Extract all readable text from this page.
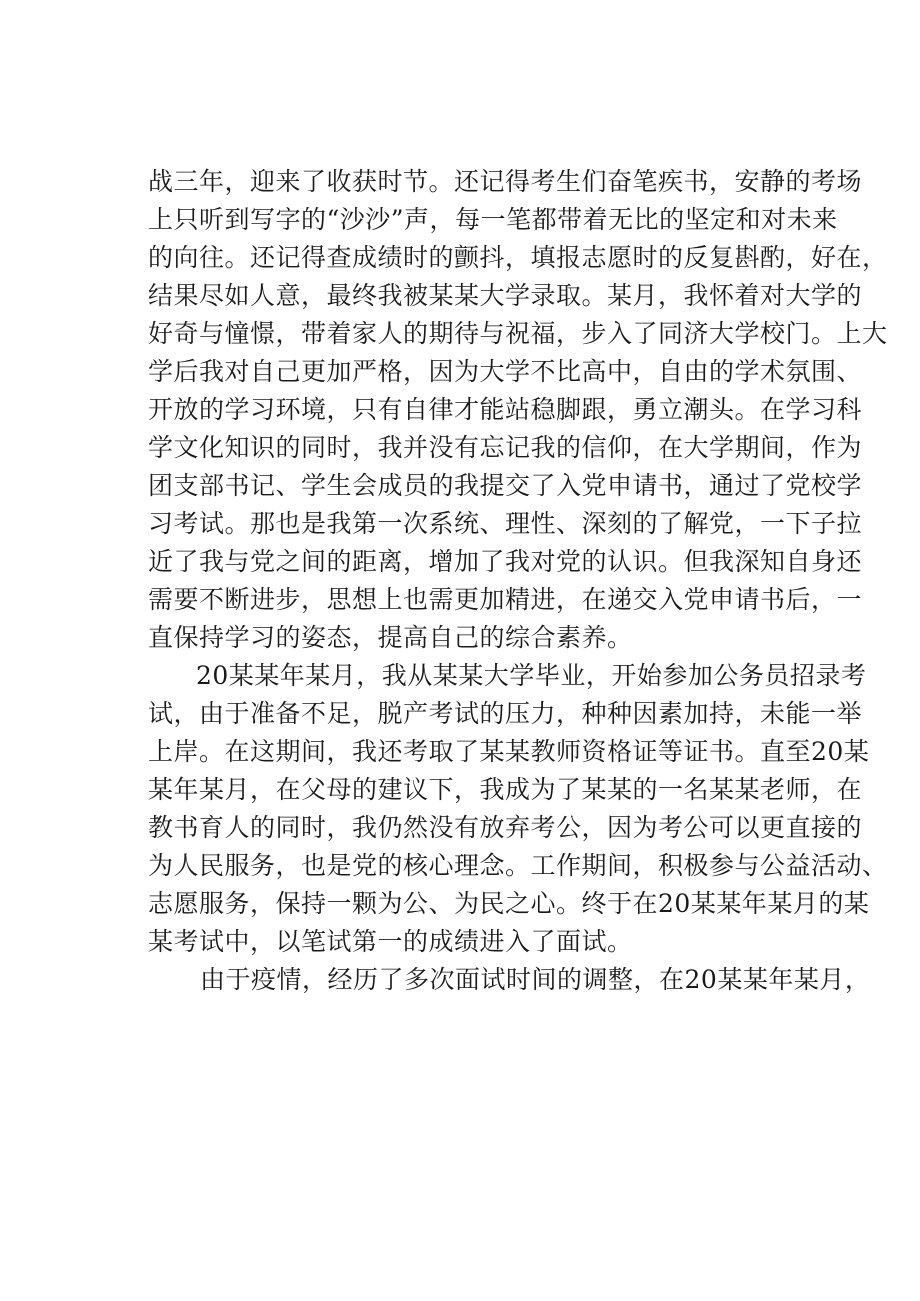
战三年，迎来了收获时节。还记得考生们奋笔疾书，安静的考场
上只听到写字的“沙沙”声，每一笔都带着无比的坚定和对未来
的向往。还记得查成绩时的颤抖，填报志愿时的反复斟酌，好在，
结果尽如人意，最终我被某某大学录取。某月，我怀着对大学的
好奇与憧憬，带着家人的期待与祝福，步入了同济大学校门。上大
学后我对自己更加严格，因为大学不比高中，自由的学术氛围、
开放的学习环境，只有自律才能站稳脚跟，勇立潮头。在学习科
学文化知识的同时，我并没有忘记我的信仰，在大学期间，作为
团支部书记、学生会成员的我提交了入党申请书，通过了党校学
习考试。那也是我第一次系统、理性、深刻的了解党，一下子拉
近了我与党之间的距离，增加了我对党的认识。但我深知自身还
需要不断进步，思想上也需更加精进，在递交入党申请书后，一
直保持学习的姿态，提高自己的综合素养。
20某某年某月，我从某某大学毕业，开始参加公务员招录考
试，由于准备不足，脱产考试的压力，种种因素加持，未能一举
上岸。在这期间，我还考取了某某教师资格证等证书。直至20某
某年某月，在父母的建议下，我成为了某某的一名某某老师，在
教书育人的同时，我仍然没有放弃考公，因为考公可以更直接的
为人民服务，也是党的核心理念。工作期间，积极参与公益活动、
志愿服务，保持一颗为公、为民之心。终于在20某某年某月的某
某考试中，以笔试第一的成绩进入了面试。
由于疫情，经历了多次面试时间的调整，在20某某年某月，
